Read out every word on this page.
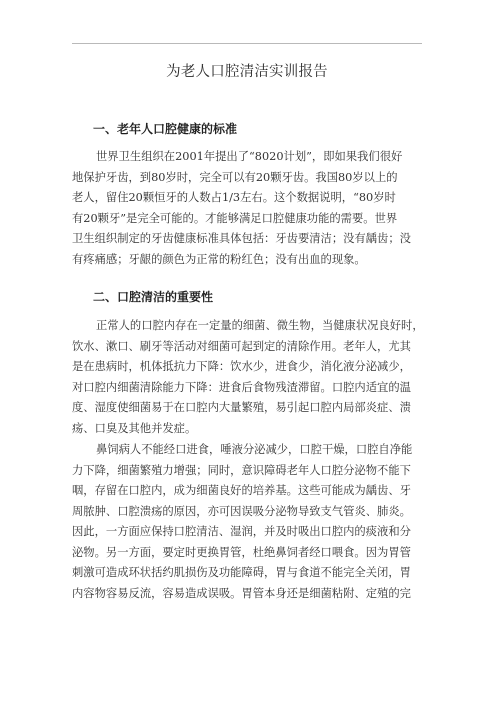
为老人口腔清洁实训报告
一、老年人口腔健康的标准
世界卫生组织在2001年提出了“8020计划”，即如果我们很好
地保护牙齿，到80岁时，完全可以有20颗牙齿。我国80岁以上的
老人，留住20颗恒牙的人数占1/3左右。这个数据说明，“80岁时
有20颗牙”是完全可能的。才能够满足口腔健康功能的需要。世界
卫生组织制定的牙齿健康标准具体包括：牙齿要清洁；没有龋齿；没
有疼痛感；牙龈的颜色为正常的粉红色；没有出血的现象。
二、口腔清洁的重要性
正常人的口腔内存在一定量的细菌、微生物，当健康状况良好时，
饮水、漱口、刷牙等活动对细菌可起到定的清除作用。老年人，尤其
是在患病时，机体抵抗力下降：饮水少，进食少，消化液分泌减少，
对口腔内细菌清除能力下降：进食后食物残渣滞留。口腔内适宜的温
度、湿度使细菌易于在口腔内大量繁殖，易引起口腔内局部炎症、溃
疡、口臭及其他并发症。
鼻饲病人不能经口进食，唾液分泌减少，口腔干燥，口腔自净能
力下降，细菌繁殖力增强；同时，意识障碍老年人口腔分泌物不能下
咽，存留在口腔内，成为细菌良好的培养基。这些可能成为龋齿、牙
周脓肿、口腔溃疡的原因，亦可因误吸分泌物导致支气管炎、肺炎。
因此，一方面应保持口腔清洁、湿润，并及时吸出口腔内的痰液和分
泌物。另一方面，要定时更换胃管，杜绝鼻饲者经口喂食。因为胃管
刺激可造成环状括约肌损伤及功能障碍，胃与食道不能完全关闭，胃
内容物容易反流，容易造成误吸。胃管本身还是细菌粘附、定殖的完
